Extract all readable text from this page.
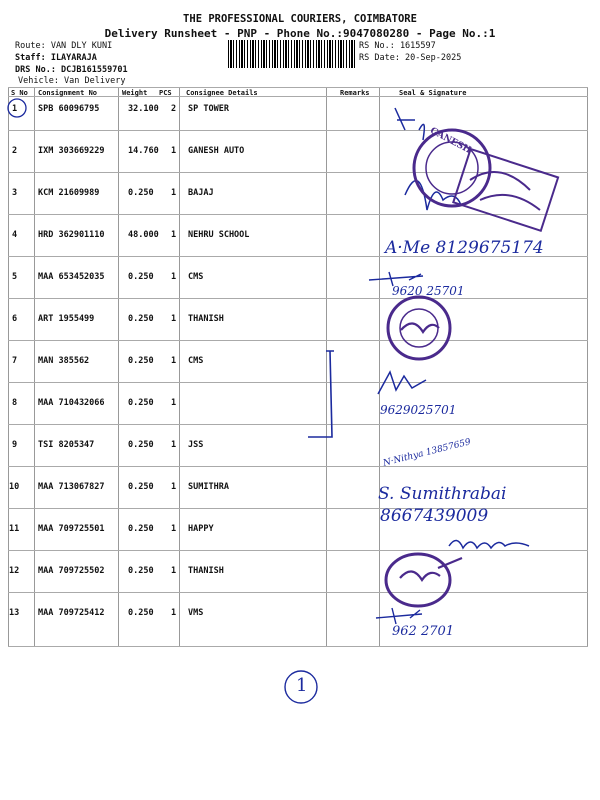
THE PROFESSIONAL COURIERS, COIMBATORE
Delivery Runsheet - PNP - Phone No.:9047080280 - Page No.:1
Route: VAN DLY KUNI
Staff: ILAYARAJA
DRS No.: DCJB161559701
Vehicle: Van Delivery
RS No.: 1615597
RS Date: 20-Sep-2025
S No Consignment No	Weight PCS Consignee Details	Remarks	Seal & Signature
1 SPB 60096795	32.100 2 SP TOWER
2 IXM 303669229	14.760 1 GANESH AUTO
3 KCM 21609989	0.250 1 BAJAJ
4 HRD 362901110	48.000 1 NEHRU SCHOOL
5 MAA 653452035	0.250 1 CMS
6 ART 1955499	0.250 1 THANISH
7 MAN 385562	0.250 1 CMS
8 MAA 710432066	0.250 1
9 TSI 8205347	0.250 1 JSS
10 MAA 713067827	0.250 1 SUMITHRA
11 MAA 709725501	0.250 1 HAPPY
12 MAA 709725502	0.250 1 THANISH
13 MAA 709725412	0.250 1 VMS
GANESH
A·Me 8129675174
9620 25701
9629025701
N·Nithya 13857659
S. Sumithrabai
8667439009
962 2701
1
